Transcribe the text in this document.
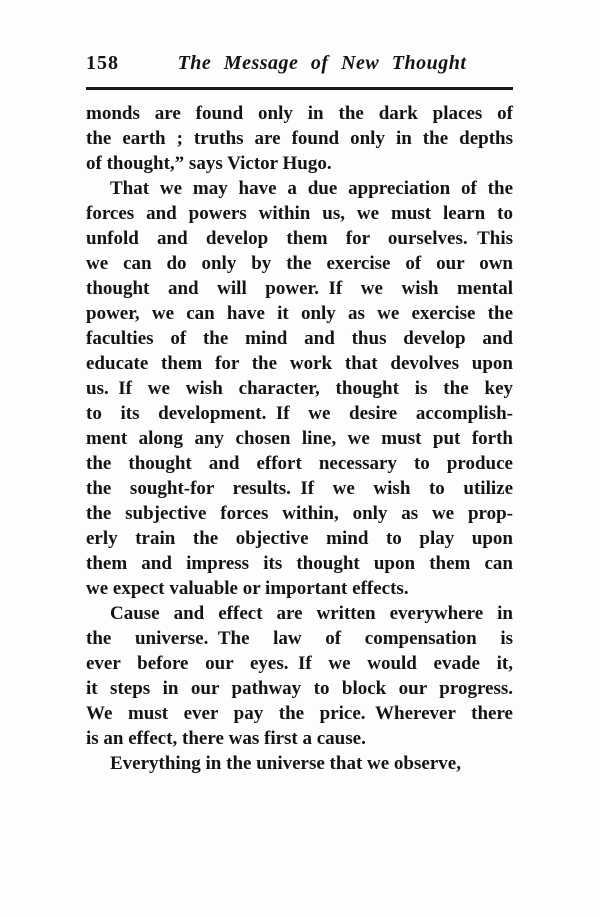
158	The Message of New Thought
monds are found only in the dark places of
the earth ; truths are found only in the depths
of thought,” says Victor Hugo.
That we may have a due appreciation of the
forces and powers within us, we must learn to
unfold and develop them for ourselves. This
we can do only by the exercise of our own
thought and will power. If we wish mental
power, we can have it only as we exercise the
faculties of the mind and thus develop and
educate them for the work that devolves upon
us. If we wish character, thought is the key
to its development. If we desire accomplish-
ment along any chosen line, we must put forth
the thought and effort necessary to produce
the sought-for results. If we wish to utilize
the subjective forces within, only as we prop-
erly train the objective mind to play upon
them and impress its thought upon them can
we expect valuable or important effects.
Cause and effect are written everywhere in
the universe. The law of compensation is
ever before our eyes. If we would evade it,
it steps in our pathway to block our progress.
We must ever pay the price. Wherever there
is an effect, there was first a cause.
Everything in the universe that we observe,
